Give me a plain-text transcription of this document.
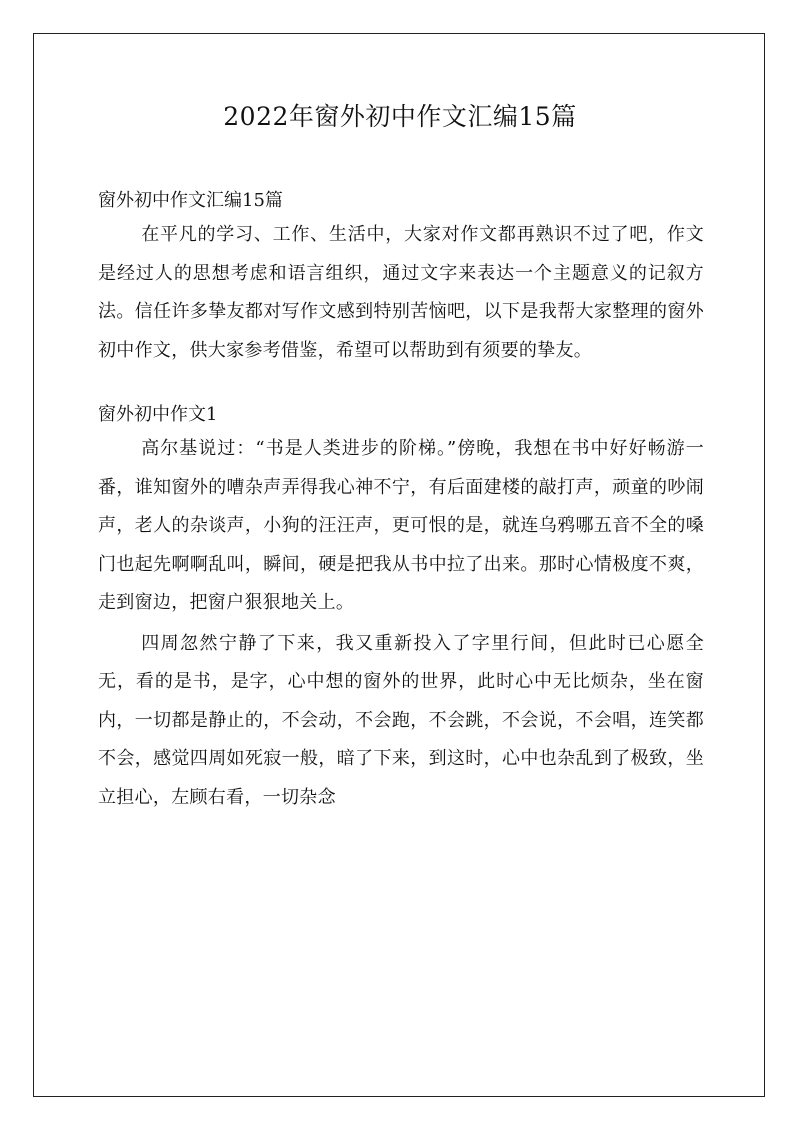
2022年窗外初中作文汇编15篇

窗外初中作文汇编15篇

在平凡的学习、工作、生活中，大家对作文都再熟识不过了吧，作文是经过人的思想考虑和语言组织，通过文字来表达一个主题意义的记叙方法。信任许多挚友都对写作文感到特别苦恼吧，以下是我帮大家整理的窗外初中作文，供大家参考借鉴，希望可以帮助到有须要的挚友。

窗外初中作文1

高尔基说过：“书是人类进步的阶梯。”傍晚，我想在书中好好畅游一番，谁知窗外的嘈杂声弄得我心神不宁，有后面建楼的敲打声，顽童的吵闹声，老人的杂谈声，小狗的汪汪声，更可恨的是，就连乌鸦哪五音不全的嗓门也起先啊啊乱叫，瞬间，硬是把我从书中拉了出来。那时心情极度不爽，走到窗边，把窗户狠狠地关上。

四周忽然宁静了下来，我又重新投入了字里行间，但此时已心愿全无，看的是书，是字，心中想的窗外的世界，此时心中无比烦杂，坐在窗内，一切都是静止的，不会动，不会跑，不会跳，不会说，不会唱，连笑都不会，感觉四周如死寂一般，暗了下来，到这时，心中也杂乱到了极致，坐立担心，左顾右看，一切杂念
